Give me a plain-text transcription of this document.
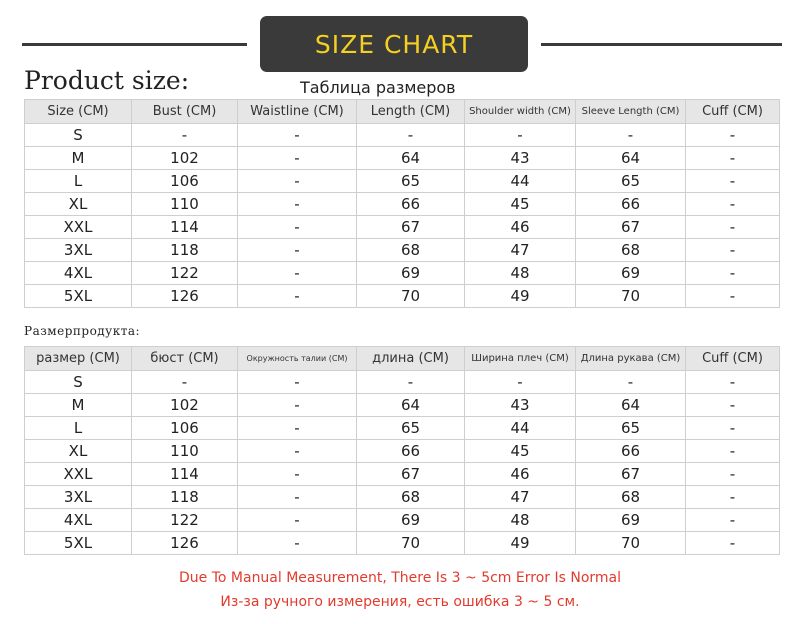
SIZE CHART
Product size:	Таблица размеров
Size (CM)	Bust (CM)	Waistline (CM)	Length (CM)	Shoulder width (CM)	Sleeve Length (CM)	Cuff (CM)
S	-	-	-	-	-	-
M	102	-	64	43	64	-
L	106	-	65	44	65	-
XL	110	-	66	45	66	-
XXL	114	-	67	46	67	-
3XL	118	-	68	47	68	-
4XL	122	-	69	48	69	-
5XL	126	-	70	49	70	-
Размерпродукта:
размер (CM)	бюст (CM)	Окружность талии (CM)	длина (CM)	Ширина плеч (CM)	Длина рукава (CM)	Cuff (CM)
S	-	-	-	-	-	-
M	102	-	64	43	64	-
L	106	-	65	44	65	-
XL	110	-	66	45	66	-
XXL	114	-	67	46	67	-
3XL	118	-	68	47	68	-
4XL	122	-	69	48	69	-
5XL	126	-	70	49	70	-
Due To Manual Measurement, There Is 3 ~ 5cm Error Is Normal
Из-за ручного измерения, есть ошибка 3 ~ 5 см.
